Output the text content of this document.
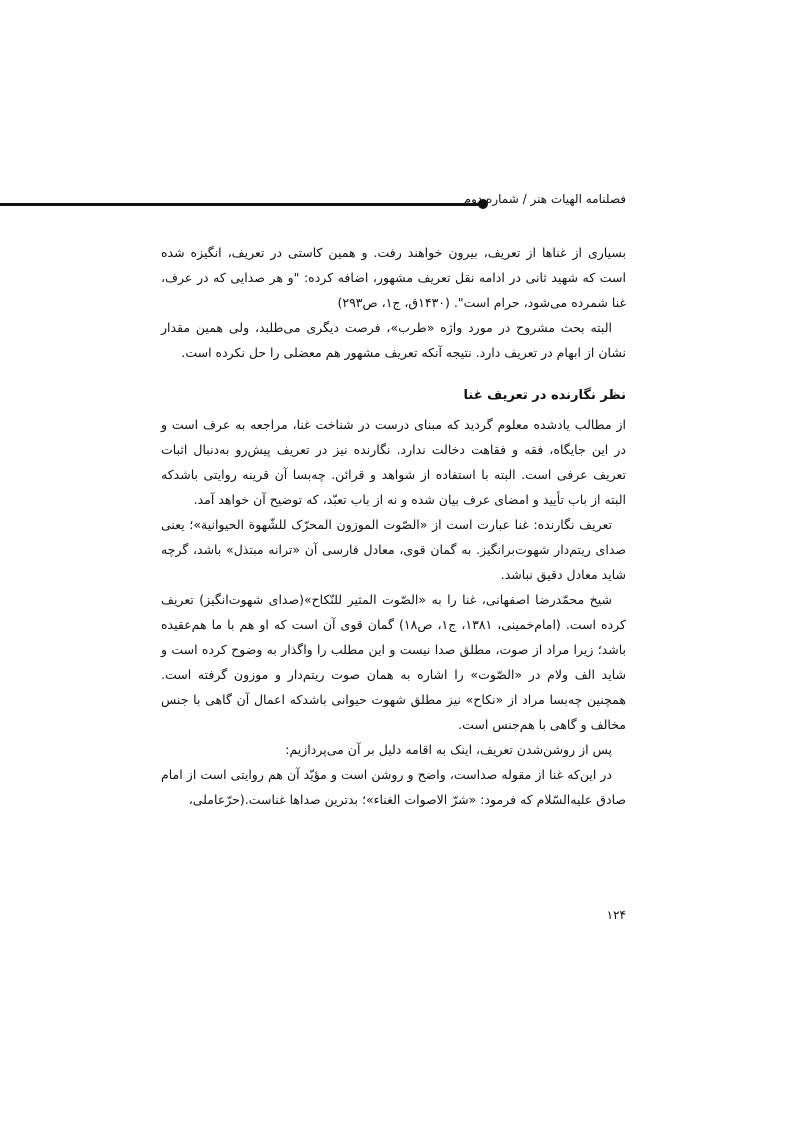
فصلنامه الهیات هنر / شماره دوم

بسیاری از غناها از تعریف، بیرون خواهند رفت. و همین کاستی در تعریف، انگیزه شده است که شهید ثانی در ادامه نقل تعریف مشهور، اضافه کرده: "و هر صدایی که در عرف، غنا شمرده می‌شود، حرام است". (۱۴۳۰ق، ج۱، ص۲۹۳)

البته بحث مشروح در مورد واژه «طرب»، فرصت دیگری می‌طلبد، ولی همین مقدار نشان از ابهام در تعریف دارد. نتیجه آنکه تعریف مشهور هم معضلی را حل نکرده است.

نظر نگارنده در تعریف غنا

از مطالب یادشده معلوم گردید که مبنای درست در شناخت غنا، مراجعه به عرف است و در این جایگاه، فقه و فقاهت دخالت ندارد. نگارنده نیز در تعریف پیش‌رو به‌دنبال اثبات تعریف عرفی است. البته با استفاده از شواهد و قرائن. چه‌بسا آن قرینه روایتی باشدکه البته از باب تأیید و امضای عرف بیان شده و نه از باب تعبّد، که توضیح آن خواهد آمد.

تعریف نگارنده: غنا عبارت است از «الصّوت الموزون المحرّک للشّهوة الحیوانیة»؛ یعنی صدای ریتم‌دار شهوت‌برانگیز. به گمان قوی، معادل فارسی آن «ترانه مبتذل» باشد، گرچه شاید معادل دقیق نباشد.

شیخ محمّدرضا اصفهانی، غنا را به «الصّوت المثیر للنّکاح»(صدای شهوت‌انگیز) تعریف کرده است. (امام‌خمینی، ۱۳۸۱، ج۱، ص۱۸) گمان قوی آن است که او هم با ما هم‌عقیده باشد؛ زیرا مراد از صوت، مطلق صدا نیست و این مطلب را واگذار به وضوح کرده است و شاید الف ولام در «الصّوت» را اشاره به همان صوت ریتم‌دار و موزون گرفته است. همچنین چه‌بسا مراد از «نکاح» نیز مطلق شهوت حیوانی باشدکه اعمال آن گاهی با جنس مخالف و گاهی با هم‌جنس است.

پس از روشن‌شدن تعریف، اینک به اقامه دلیل بر آن می‌پردازیم:

در این‌که غنا از مقوله صداست، واضح و روشن است و مؤیّد آن هم روایتی است از امام صادق علیه‌السّلام که فرمود: «شرّ الاصوات الغناء»؛ بدترین صداها غناست.(حرّعاملی،

۱۲۴
